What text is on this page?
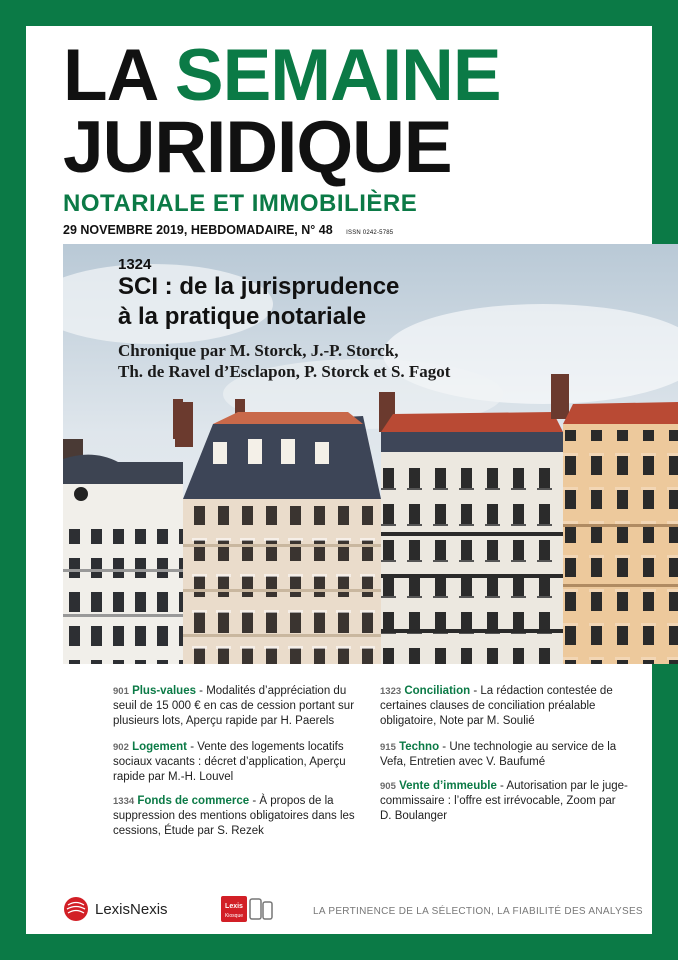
LA SEMAINE
JURIDIQUE
NOTARIALE ET IMMOBILIÈRE
29 NOVEMBRE 2019, HEBDOMADAIRE, N° 48 ISSN 0242-5785
1324
SCI : de la jurisprudence
à la pratique notariale
Chronique par M. Storck, J.-P. Storck,
Th. de Ravel d’Esclapon, P. Storck et S. Fagot
901 Plus-values - Modalités d’appréciation du seuil de 15 000 € en cas de cession portant sur plusieurs lots, Aperçu rapide par H. Paerels
902 Logement - Vente des logements locatifs sociaux vacants : décret d’application, Aperçu rapide par M.-H. Louvel
1334 Fonds de commerce - À propos de la suppression des mentions obligatoires dans les cessions, Étude par S. Rezek
1323 Conciliation - La rédaction contestée de certaines clauses de conciliation préalable obligatoire, Note par M. Soulié
915 Techno - Une technologie au service de la Vefa, Entretien avec V. Baufumé
905 Vente d’immeuble - Autorisation par le juge-commissaire : l’offre est irrévocable, Zoom par D. Boulanger
LexisNexis	Lexis
Kiosque	LA PERTINENCE DE LA SÉLECTION, LA FIABILITÉ DES ANALYSES
